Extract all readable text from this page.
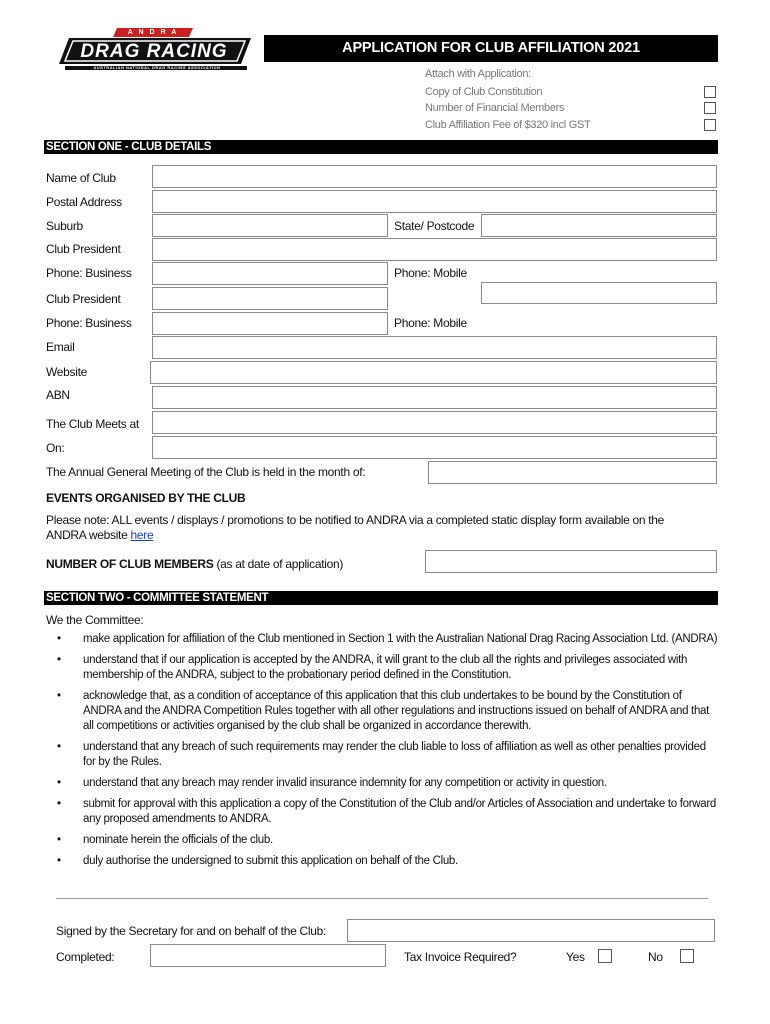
A N D R A
DRAG RACING
AUSTRALIAN NATIONAL DRAG RACING ASSOCIATION
APPLICATION FOR CLUB AFFILIATION 2021
Attach with Application:
Copy of Club Constitution
Number of Financial Members
Club Affiliation Fee of $320 incl GST
SECTION ONE - CLUB DETAILS
Name of Club
Postal Address
Suburb	State/ Postcode
Club President
Phone: Business	Phone: Mobile
Club President
Phone: Business	Phone: Mobile
Email
Website
ABN
The Club Meets at
On:
The Annual General Meeting of the Club is held in the month of:
EVENTS ORGANISED BY THE CLUB
Please note: ALL events / displays / promotions to be notified to ANDRA via a completed static display form available on the ANDRA website here
NUMBER OF CLUB MEMBERS (as at date of application)
SECTION TWO - COMMITTEE STATEMENT
We the Committee:
• make application for affiliation of the Club mentioned in Section 1 with the Australian National Drag Racing Association Ltd. (ANDRA)
• understand that if our application is accepted by the ANDRA, it will grant to the club all the rights and privileges associated with membership of the ANDRA, subject to the probationary period defined in the Constitution.
• acknowledge that, as a condition of acceptance of this application that this club undertakes to be bound by the Constitution of ANDRA and the ANDRA Competition Rules together with all other regulations and instructions issued on behalf of ANDRA and that all competitions or activities organised by the club shall be organized in accordance therewith.
• understand that any breach of such requirements may render the club liable to loss of affiliation as well as other penalties provided for by the Rules.
• understand that any breach may render invalid insurance indemnity for any competition or activity in question.
• submit for approval with this application a copy of the Constitution of the Club and/or Articles of Association and undertake to forward any proposed amendments to ANDRA.
• nominate herein the officials of the club.
• duly authorise the undersigned to submit this application on behalf of the Club.
Signed by the Secretary for and on behalf of the Club:
Completed:	Tax Invoice Required?	Yes	No
